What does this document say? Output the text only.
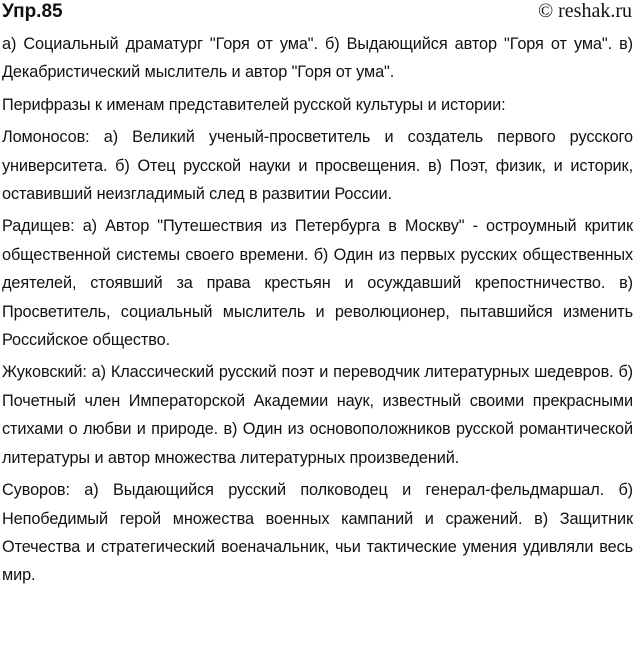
Упр.85	© reshak.ru

а) Социальный драматург "Горя от ума". б) Выдающийся автор "Горя от ума". в) Декабристический мыслитель и автор "Горя от ума".

Перифразы к именам представителей русской культуры и истории:

Ломоносов: а) Великий ученый-просветитель и создатель первого русского университета. б) Отец русской науки и просвещения. в) Поэт, физик, и историк, оставивший неизгладимый след в развитии России.

Радищев: а) Автор "Путешествия из Петербурга в Москву" - остроумный критик общественной системы своего времени. б) Один из первых русских общественных деятелей, стоявший за права крестьян и осуждавший крепостничество. в) Просветитель, социальный мыслитель и революционер, пытавшийся изменить Российское общество.

Жуковский: а) Классический русский поэт и переводчик литературных шедевров. б) Почетный член Императорской Академии наук, известный своими прекрасными стихами о любви и природе. в) Один из основоположников русской романтической литературы и автор множества литературных произведений.

Суворов: а) Выдающийся русский полководец и генерал-фельдмаршал. б) Непобедимый герой множества военных кампаний и сражений. в) Защитник Отечества и стратегический военачальник, чьи тактические умения удивляли весь мир.
